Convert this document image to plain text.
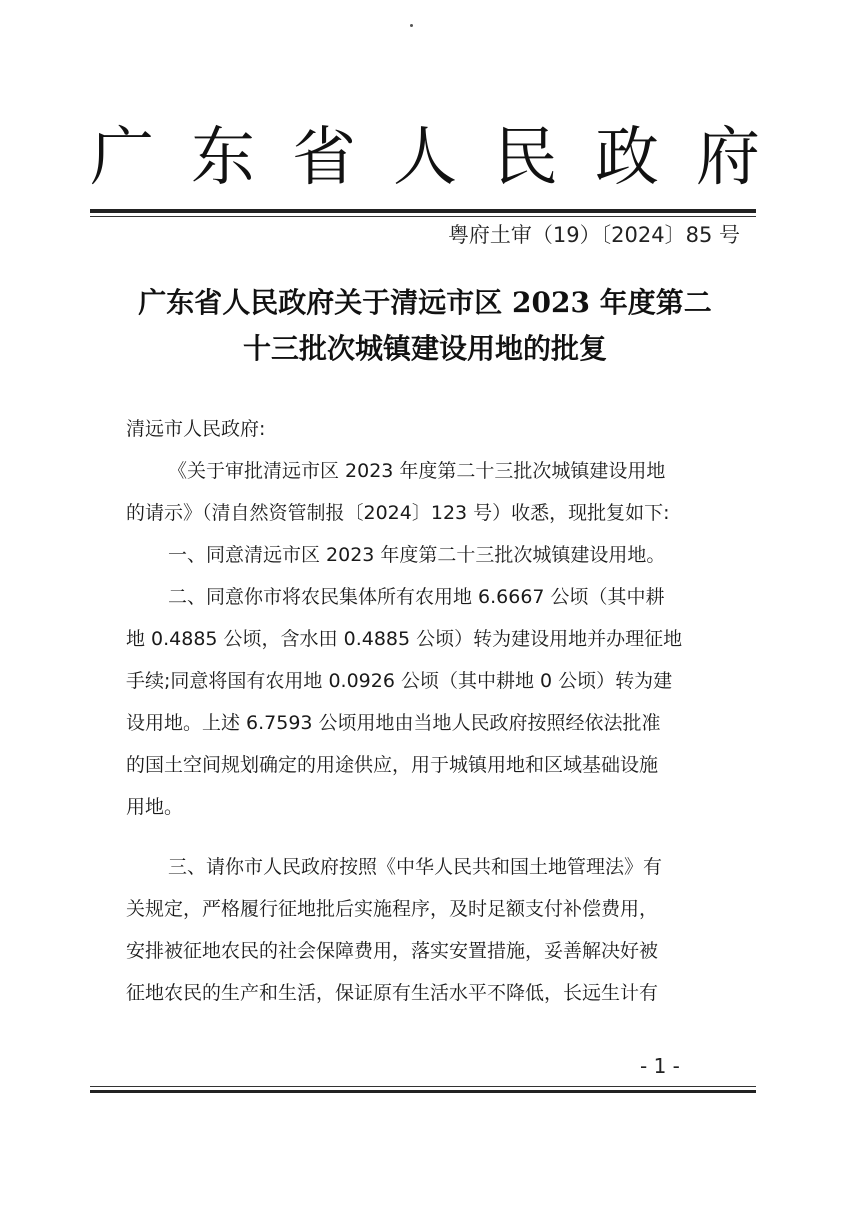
广 东 省 人 民 政 府
粤府土审（19）〔2024〕85 号
广东省人民政府关于清远市区 2023 年度第二
十三批次城镇建设用地的批复
清远市人民政府:
《关于审批清远市区 2023 年度第二十三批次城镇建设用地
的请示》（清自然资管制报〔2024〕123 号）收悉，现批复如下:
一、同意清远市区 2023 年度第二十三批次城镇建设用地。
二、同意你市将农民集体所有农用地 6.6667 公顷（其中耕
地 0.4885 公顷，含水田 0.4885 公顷）转为建设用地并办理征地
手续;同意将国有农用地 0.0926 公顷（其中耕地 0 公顷）转为建
设用地。上述 6.7593 公顷用地由当地人民政府按照经依法批准
的国土空间规划确定的用途供应，用于城镇用地和区域基础设施
用地。
三、请你市人民政府按照《中华人民共和国土地管理法》有
关规定，严格履行征地批后实施程序，及时足额支付补偿费用，
安排被征地农民的社会保障费用，落实安置措施，妥善解决好被
征地农民的生产和生活，保证原有生活水平不降低，长远生计有
- 1 -
